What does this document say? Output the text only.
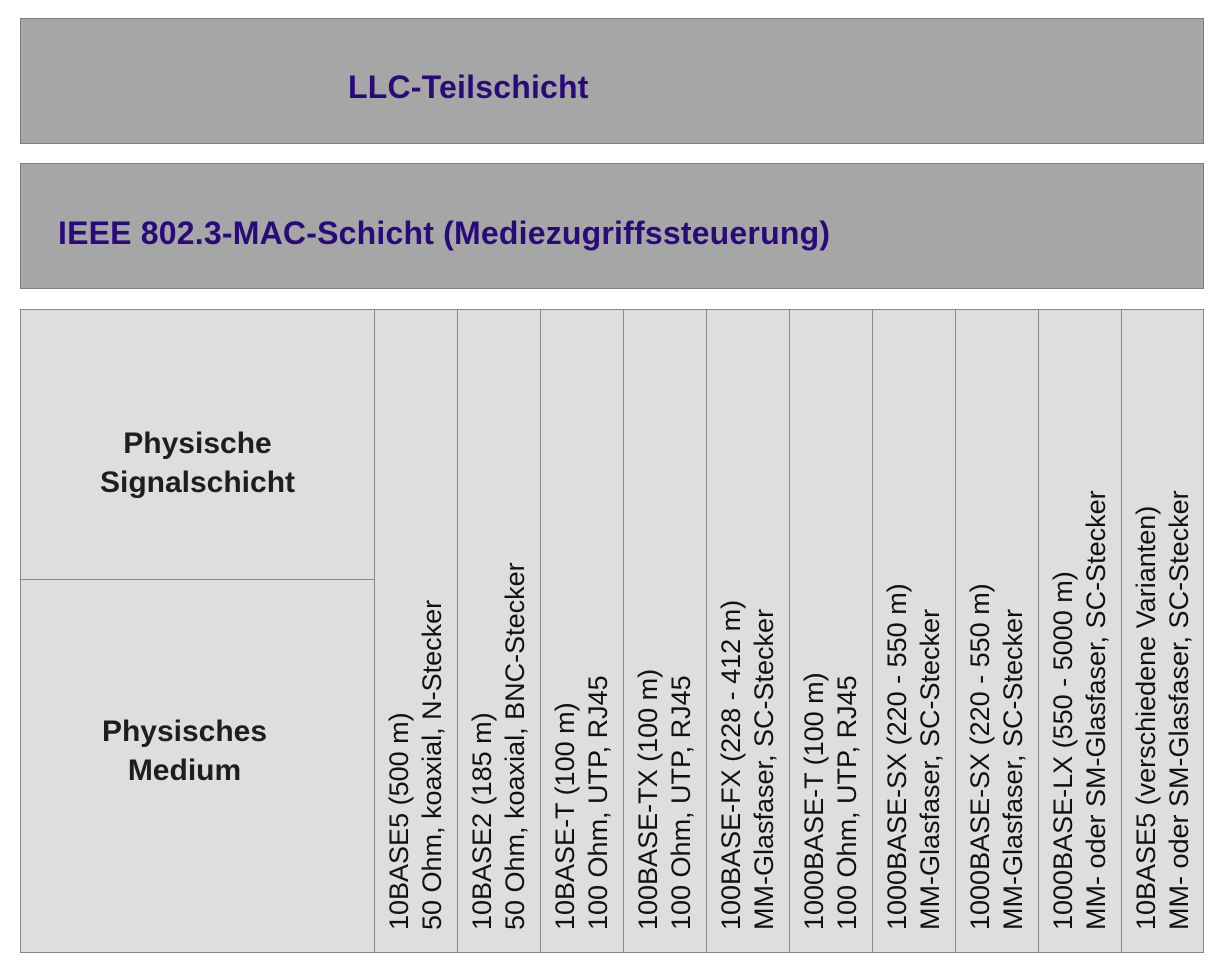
LLC-Teilschicht
IEEE 802.3-MAC-Schicht (Mediezugriffssteuerung)
Physische
Signalschicht
Physisches
Medium	10BASE5 (500 m) 50 Ohm, koaxial, N-Stecker 10BASE2 (185 m) 50 Ohm, koaxial, BNC-Stecker 10BASE-T (100 m) 100 Ohm, UTP, RJ45 100BASE-TX (100 m) 100 Ohm, UTP, RJ45 100BASE-FX (228 - 412 m) MM-Glasfaser, SC-Stecker 1000BASE-T (100 m) 100 Ohm, UTP, RJ45 1000BASE-SX (220 - 550 m) MM-Glasfaser, SC-Stecker 1000BASE-SX (220 - 550 m) MM-Glasfaser, SC-Stecker 1000BASE-LX (550 - 5000 m) MM- oder SM-Glasfaser, SC-Stecker 10BASE5 (verschiedene Varianten) MM- oder SM-Glasfaser, SC-Stecker
